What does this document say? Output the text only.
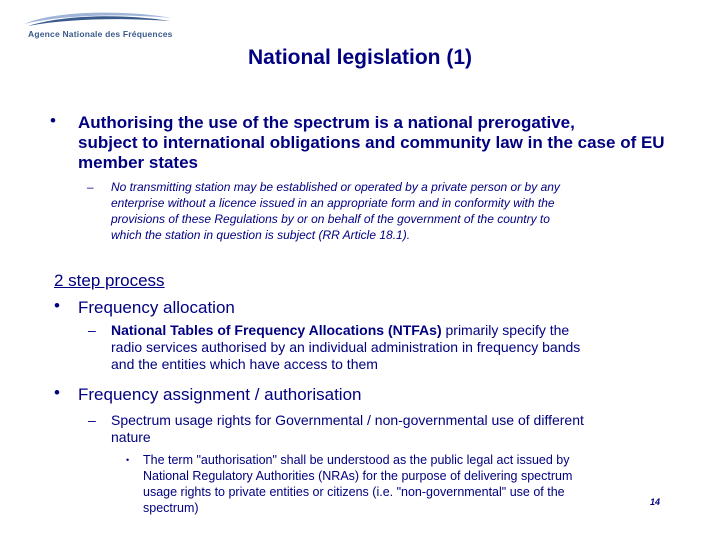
Agence Nationale des Fréquences
National legislation (1)
• Authorising the use of the spectrum is a national prerogative,
subject to international obligations and community law in the case of EU
member states
– No transmitting station may be established or operated by a private person or by any
enterprise without a licence issued in an appropriate form and in conformity with the
provisions of these Regulations by or on behalf of the government of the country to
which the station in question is subject (RR Article 18.1).
2 step process
• Frequency allocation
– National Tables of Frequency Allocations (NTFAs) primarily specify the
radio services authorised by an individual administration in frequency bands
and the entities which have access to them
• Frequency assignment / authorisation
– Spectrum usage rights for Governmental / non-governmental use of different
nature
• The term "authorisation" shall be understood as the public legal act issued by
National Regulatory Authorities (NRAs) for the purpose of delivering spectrum
usage rights to private entities or citizens (i.e. "non-governmental" use of the
spectrum)	14
